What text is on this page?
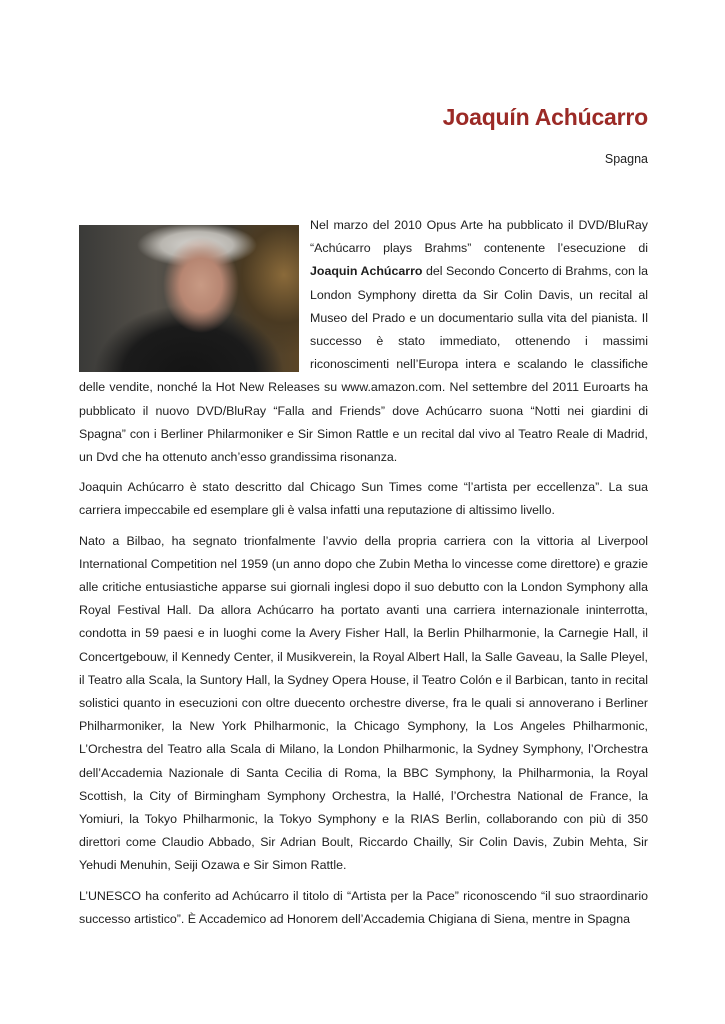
Joaquín Achúcarro
Spagna

Nel marzo del 2010 Opus Arte ha pubblicato il DVD/BluRay “Achúcarro plays Brahms” contenente l’esecuzione di Joaquin Achúcarro del Secondo Concerto di Brahms, con la London Symphony diretta da Sir Colin Davis, un recital al Museo del Prado e un documentario sulla vita del pianista. Il successo è stato immediato, ottenendo i massimi riconoscimenti nell’Europa intera e scalando le classifiche delle vendite, nonché la Hot New Releases su www.amazon.com. Nel settembre del 2011 Euroarts ha pubblicato il nuovo DVD/BluRay “Falla and Friends” dove Achúcarro suona “Notti nei giardini di Spagna” con i Berliner Philarmoniker e Sir Simon Rattle e un recital dal vivo al Teatro Reale di Madrid, un Dvd che ha ottenuto anch’esso grandissima risonanza.

Joaquin Achúcarro è stato descritto dal Chicago Sun Times come “l’artista per eccellenza”. La sua carriera impeccabile ed esemplare gli è valsa infatti una reputazione di altissimo livello.

Nato a Bilbao, ha segnato trionfalmente l’avvio della propria carriera con la vittoria al Liverpool International Competition nel 1959 (un anno dopo che Zubin Metha lo vincesse come direttore) e grazie alle critiche entusiastiche apparse sui giornali inglesi dopo il suo debutto con la London Symphony alla Royal Festival Hall. Da allora Achúcarro ha portato avanti una carriera internazionale ininterrotta, condotta in 59 paesi e in luoghi come la Avery Fisher Hall, la Berlin Philharmonie, la Carnegie Hall, il Concertgebouw, il Kennedy Center, il Musikverein, la Royal Albert Hall, la Salle Gaveau, la Salle Pleyel, il Teatro alla Scala, la Suntory Hall, la Sydney Opera House, il Teatro Colón e il Barbican, tanto in recital solistici quanto in esecuzioni con oltre duecento orchestre diverse, fra le quali si annoverano i Berliner Philharmoniker, la New York Philharmonic, la Chicago Symphony, la Los Angeles Philharmonic, L’Orchestra del Teatro alla Scala di Milano, la London Philharmonic, la Sydney Symphony, l’Orchestra dell’Accademia Nazionale di Santa Cecilia di Roma, la BBC Symphony, la Philharmonia, la Royal Scottish, la City of Birmingham Symphony Orchestra, la Hallé, l’Orchestra National de France, la Yomiuri, la Tokyo Philharmonic, la Tokyo Symphony e la RIAS Berlin, collaborando con più di 350 direttori come Claudio Abbado, Sir Adrian Boult, Riccardo Chailly, Sir Colin Davis, Zubin Mehta, Sir Yehudi Menuhin, Seiji Ozawa e Sir Simon Rattle.

L’UNESCO ha conferito ad Achúcarro il titolo di “Artista per la Pace” riconoscendo “il suo straordinario successo artistico”. È Accademico ad Honorem dell’Accademia Chigiana di Siena, mentre in Spagna
